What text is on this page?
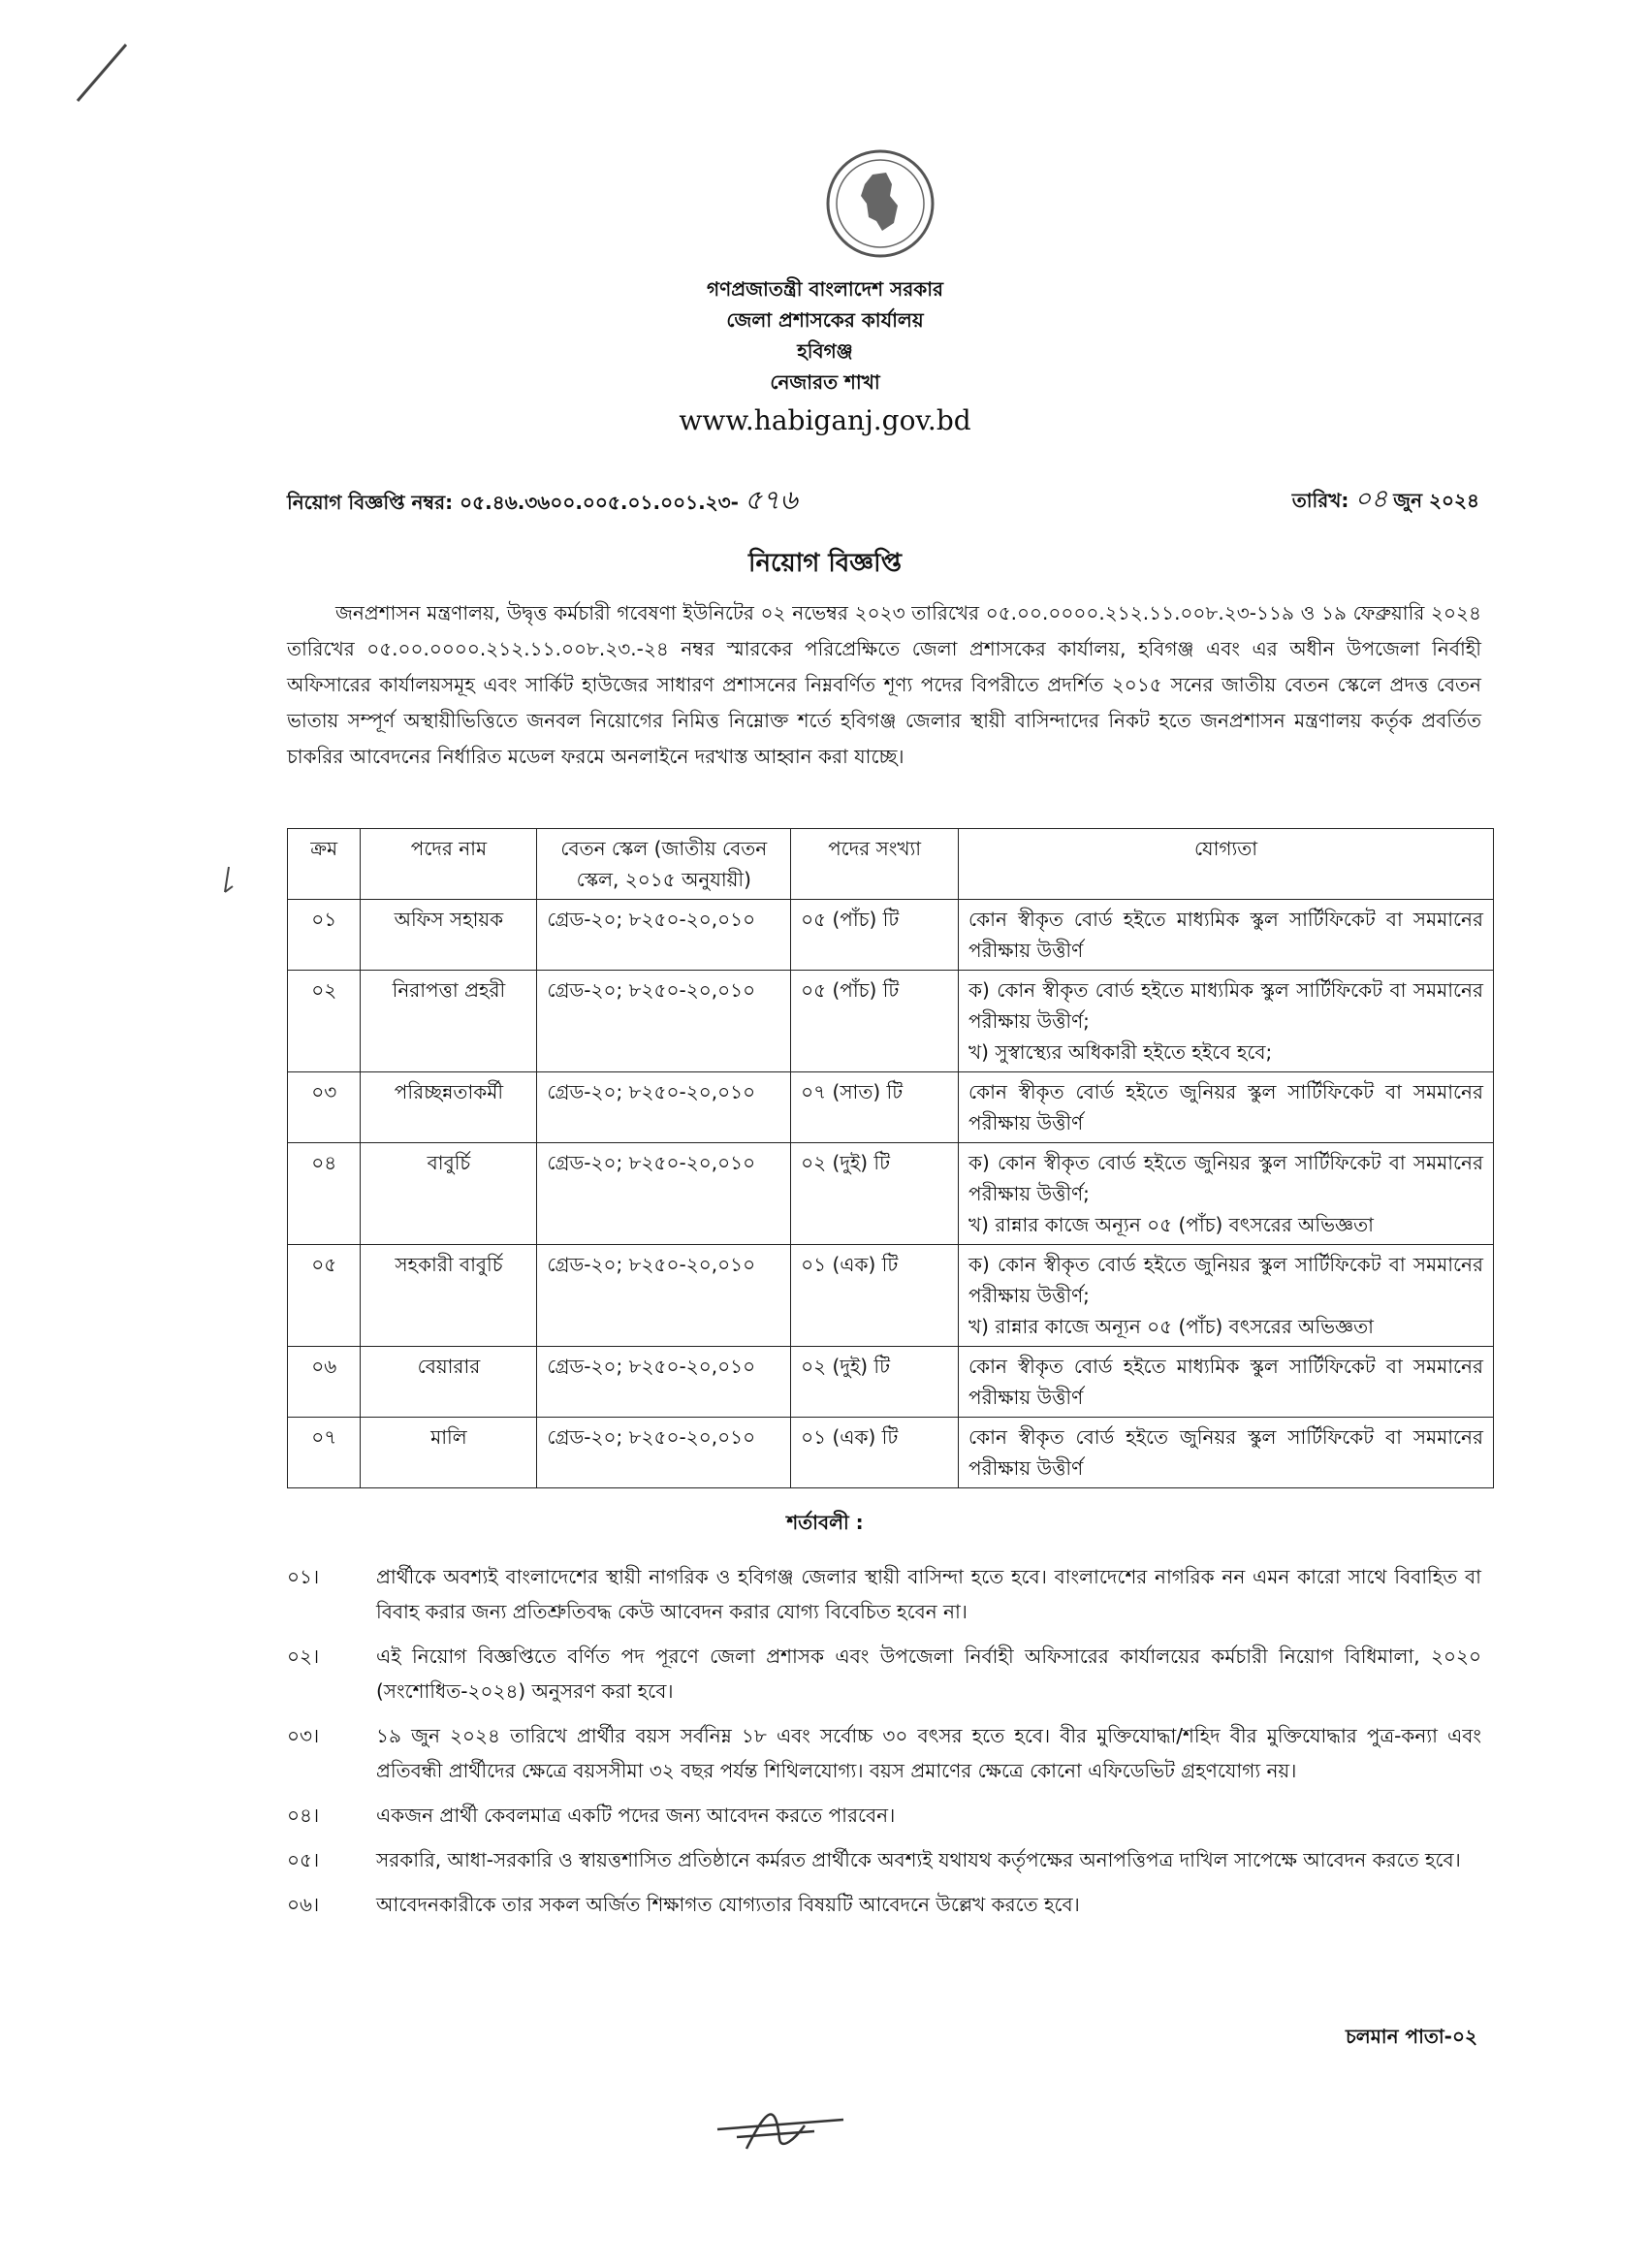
গণপ্রজাতন্ত্রী বাংলাদেশ সরকার
জেলা প্রশাসকের কার্যালয়
হবিগঞ্জ
নেজারত শাখা
www.habiganj.gov.bd
নিয়োগ বিজ্ঞপ্তি নম্বর: ০৫.৪৬.৩৬০০.০০৫.০১.০০১.২৩- ৫৭৬	তারিখ: ০৪ জুন ২০২৪
নিয়োগ বিজ্ঞপ্তি

জনপ্রশাসন মন্ত্রণালয়, উদ্বৃত্ত কর্মচারী গবেষণা ইউনিটের ০২ নভেম্বর ২০২৩ তারিখের ০৫.০০.০০০০.২১২.১১.০০৮.২৩-১১৯ ও ১৯ ফেব্রুয়ারি ২০২৪ তারিখের ০৫.০০.০০০০.২১২.১১.০০৮.২৩.-২৪ নম্বর স্মারকের পরিপ্রেক্ষিতে জেলা প্রশাসকের কার্যালয়, হবিগঞ্জ এবং এর অধীন উপজেলা নির্বাহী অফিসারের কার্যালয়সমূহ এবং সার্কিট হাউজের সাধারণ প্রশাসনের নিম্নবর্ণিত শূণ্য পদের বিপরীতে প্রদর্শিত ২০১৫ সনের জাতীয় বেতন স্কেলে প্রদত্ত বেতন ভাতায় সম্পূর্ণ অস্থায়ীভিত্তিতে জনবল নিয়োগের নিমিত্ত নিম্নোক্ত শর্তে হবিগঞ্জ জেলার স্থায়ী বাসিন্দাদের নিকট হতে জনপ্রশাসন মন্ত্রণালয় কর্তৃক প্রবর্তিত চাকরির আবেদনের নির্ধারিত মডেল ফরমে অনলাইনে দরখাস্ত আহ্বান করা যাচ্ছে।

ক্রম	পদের নাম	বেতন স্কেল (জাতীয় বেতন স্কেল, ২০১৫ অনুযায়ী)	পদের সংখ্যা	যোগ্যতা
০১	অফিস সহায়ক	গ্রেড-২০; ৮২৫০-২০,০১০	০৫ (পাঁচ) টি	কোন স্বীকৃত বোর্ড হইতে মাধ্যমিক স্কুল সার্টিফিকেট বা সমমানের পরীক্ষায় উত্তীর্ণ

০২	নিরাপত্তা প্রহরী	গ্রেড-২০; ৮২৫০-২০,০১০	০৫ (পাঁচ) টি	ক) কোন স্বীকৃত বোর্ড হইতে মাধ্যমিক স্কুল সার্টিফিকেট বা সমমানের পরীক্ষায় উত্তীর্ণ;
খ) সুস্বাস্থ্যের অধিকারী হইতে হইবে হবে;

০৩	পরিচ্ছন্নতাকর্মী	গ্রেড-২০; ৮২৫০-২০,০১০	০৭ (সাত) টি	কোন স্বীকৃত বোর্ড হইতে জুনিয়র স্কুল সার্টিফিকেট বা সমমানের পরীক্ষায় উত্তীর্ণ

০৪	বাবুর্চি	গ্রেড-২০; ৮২৫০-২০,০১০	০২ (দুই) টি	ক) কোন স্বীকৃত বোর্ড হইতে জুনিয়র স্কুল সার্টিফিকেট বা সমমানের পরীক্ষায় উত্তীর্ণ;
খ) রান্নার কাজে অন্যূন ০৫ (পাঁচ) বৎসরের অভিজ্ঞতা

০৫	সহকারী বাবুর্চি	গ্রেড-২০; ৮২৫০-২০,০১০	০১ (এক) টি	ক) কোন স্বীকৃত বোর্ড হইতে জুনিয়র স্কুল সার্টিফিকেট বা সমমানের পরীক্ষায় উত্তীর্ণ;
খ) রান্নার কাজে অন্যূন ০৫ (পাঁচ) বৎসরের অভিজ্ঞতা

০৬	বেয়ারার	গ্রেড-২০; ৮২৫০-২০,০১০	০২ (দুই) টি	কোন স্বীকৃত বোর্ড হইতে মাধ্যমিক স্কুল সার্টিফিকেট বা সমমানের পরীক্ষায় উত্তীর্ণ

০৭	মালি	গ্রেড-২০; ৮২৫০-২০,০১০	০১ (এক) টি	কোন স্বীকৃত বোর্ড হইতে জুনিয়র স্কুল সার্টিফিকেট বা সমমানের পরীক্ষায় উত্তীর্ণ
শর্তাবলী :
০১।	প্রার্থীকে অবশ্যই বাংলাদেশের স্থায়ী নাগরিক ও হবিগঞ্জ জেলার স্থায়ী বাসিন্দা হতে হবে। বাংলাদেশের নাগরিক নন এমন কারো সাথে বিবাহিত বা বিবাহ করার জন্য প্রতিশ্রুতিবদ্ধ কেউ আবেদন করার যোগ্য বিবেচিত হবেন না।
০২।	এই নিয়োগ বিজ্ঞপ্তিতে বর্ণিত পদ পূরণে জেলা প্রশাসক এবং উপজেলা নির্বাহী অফিসারের কার্যালয়ের কর্মচারী নিয়োগ বিধিমালা, ২০২০ (সংশোধিত-২০২৪) অনুসরণ করা হবে।
০৩।	১৯ জুন ২০২৪ তারিখে প্রার্থীর বয়স সর্বনিম্ন ১৮ এবং সর্বোচ্চ ৩০ বৎসর হতে হবে। বীর মুক্তিযোদ্ধা/শহিদ বীর মুক্তিযোদ্ধার পুত্র-কন্যা এবং প্রতিবন্ধী প্রার্থীদের ক্ষেত্রে বয়সসীমা ৩২ বছর পর্যন্ত শিথিলযোগ্য। বয়স প্রমাণের ক্ষেত্রে কোনো এফিডেভিট গ্রহণযোগ্য নয়।
০৪।	একজন প্রার্থী কেবলমাত্র একটি পদের জন্য আবেদন করতে পারবেন।
০৫।	সরকারি, আধা-সরকারি ও স্বায়ত্তশাসিত প্রতিষ্ঠানে কর্মরত প্রার্থীকে অবশ্যই যথাযথ কর্তৃপক্ষের অনাপত্তিপত্র দাখিল সাপেক্ষে আবেদন করতে হবে।
০৬।	আবেদনকারীকে তার সকল অর্জিত শিক্ষাগত যোগ্যতার বিষয়টি আবেদনে উল্লেখ করতে হবে।
চলমান পাতা-০২
